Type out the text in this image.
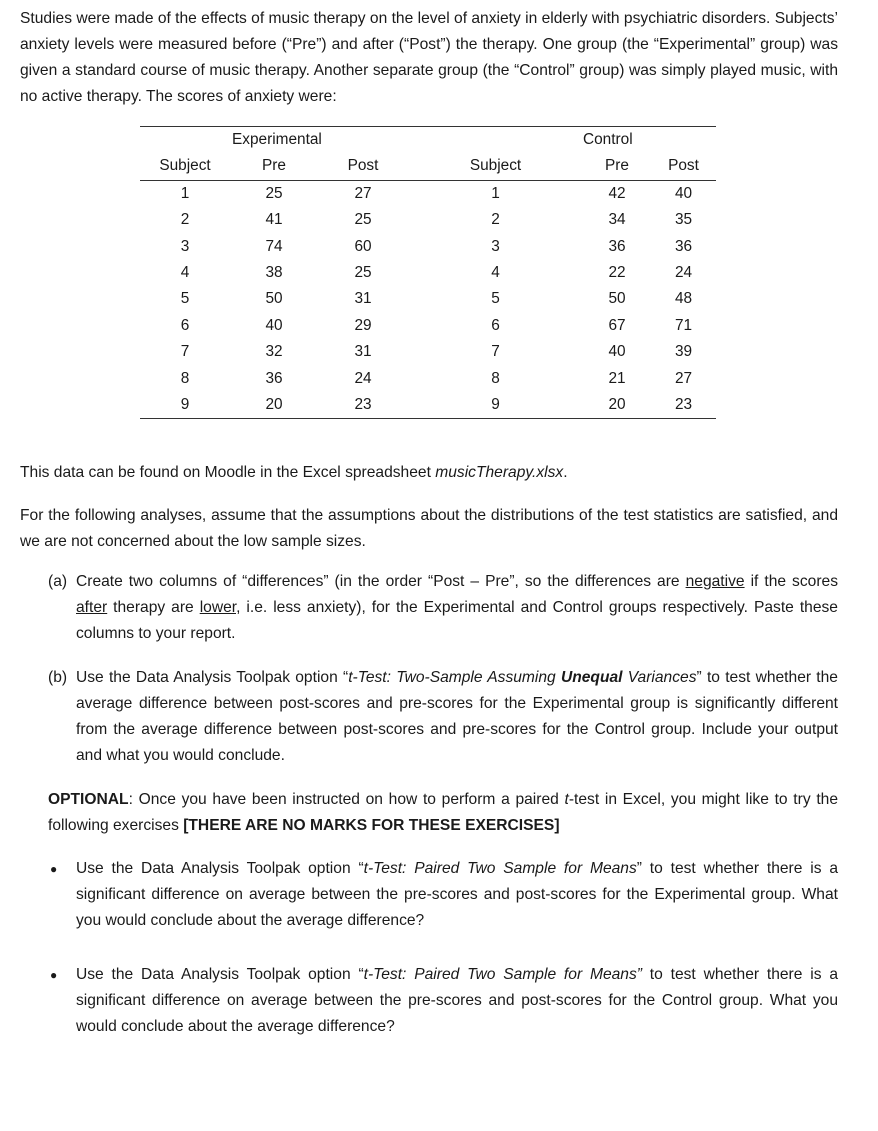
Studies were made of the effects of music therapy on the level of anxiety in elderly with psychiatric disorders. Subjects’ anxiety levels were measured before (“Pre”) and after (“Post”) the therapy. One group (the “Experimental” group) was given a standard course of music therapy. Another separate group (the “Control” group) was simply played music, with no active therapy. The scores of anxiety were:

	Experimental			Control	
Subject	Pre	Post	Subject	Pre	Post
1	25	27	1	42	40
2	41	25	2	34	35
3	74	60	3	36	36
4	38	25	4	22	24
5	50	31	5	50	48
6	40	29	6	67	71
7	32	31	7	40	39
8	36	24	8	21	27
9	20	23	9	20	23

This data can be found on Moodle in the Excel spreadsheet musicTherapy.xlsx.

For the following analyses, assume that the assumptions about the distributions of the test statistics are satisfied, and we are not concerned about the low sample sizes.

(a) Create two columns of “differences” (in the order “Post – Pre”, so the differences are negative if the scores after therapy are lower, i.e. less anxiety), for the Experimental and Control groups respectively. Paste these columns to your report.
(b) Use the Data Analysis Toolpak option “t-Test: Two-Sample Assuming Unequal Variances” to test whether the average difference between post-scores and pre-scores for the Experimental group is significantly different from the average difference between post-scores and pre-scores for the Control group. Include your output and what you would conclude.

OPTIONAL: Once you have been instructed on how to perform a paired t-test in Excel, you might like to try the following exercises [THERE ARE NO MARKS FOR THESE EXERCISES]

● Use the Data Analysis Toolpak option “t-Test: Paired Two Sample for Means” to test whether there is a significant difference on average between the pre-scores and post-scores for the Experimental group. What you would conclude about the average difference?
● Use the Data Analysis Toolpak option “t-Test: Paired Two Sample for Means” to test whether there is a significant difference on average between the pre-scores and post-scores for the Control group. What you would conclude about the average difference?
